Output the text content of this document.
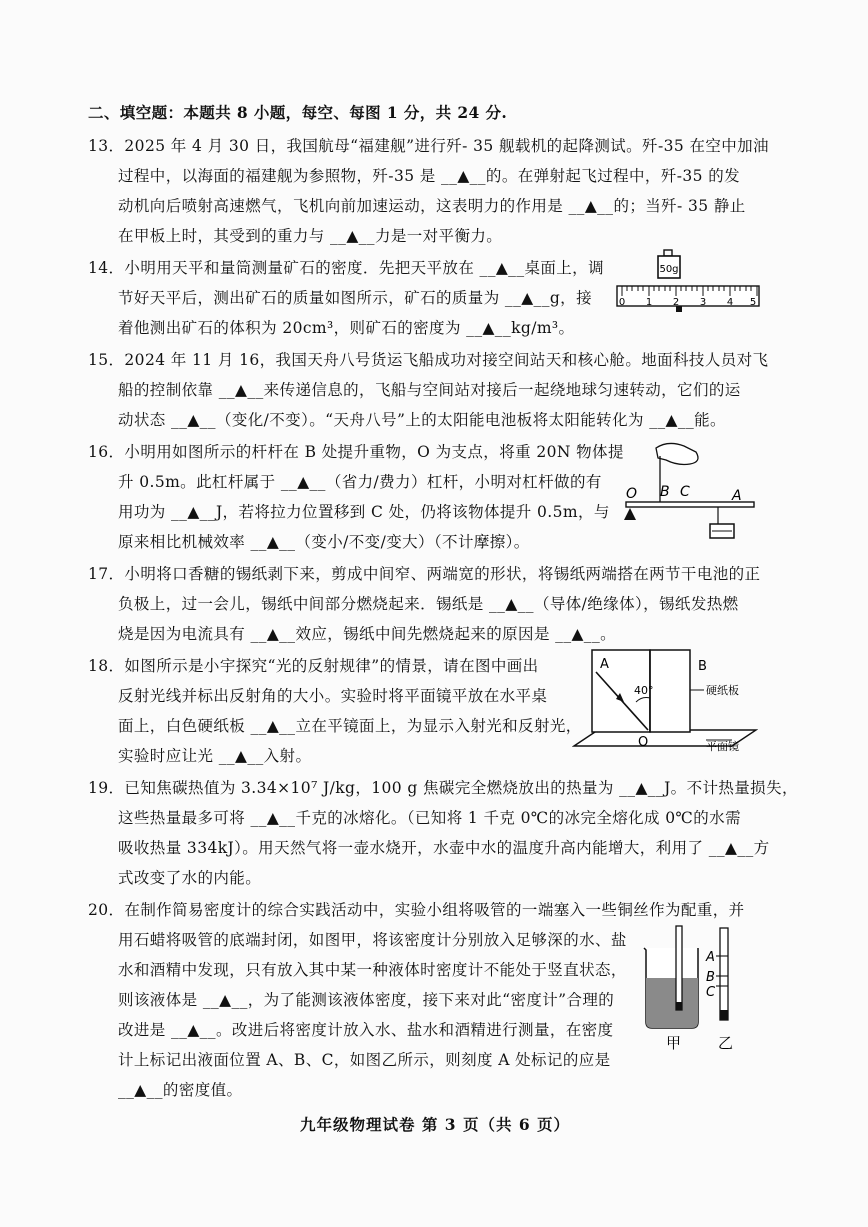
二、填空题：本题共 8 小题，每空、每图 1 分，共 24 分.
13．2025 年 4 月 30 日，我国航母“福建舰”进行歼- 35 舰载机的起降测试。歼-35 在空中加油
过程中，以海面的福建舰为参照物，歼-35 是 __▲__的。在弹射起飞过程中，歼-35 的发
动机向后喷射高速燃气，飞机向前加速运动，这表明力的作用是 __▲__的；当歼- 35 静止
在甲板上时，其受到的重力与 __▲__力是一对平衡力。
14．小明用天平和量筒测量矿石的密度．先把天平放在 __▲__桌面上，调
节好天平后，测出矿石的质量如图所示，矿石的质量为 __▲__g，接
着他测出矿石的体积为 20cm³，则矿石的密度为 __▲__kg/m³。
50g
0 1 2 3 4 5
15．2024 年 11 月 16，我国天舟八号货运飞船成功对接空间站天和核心舱。地面科技人员对飞
船的控制依靠 __▲__来传递信息的，飞船与空间站对接后一起绕地球匀速转动，它们的运
动状态 __▲__（变化/不变）。“天舟八号”上的太阳能电池板将太阳能转化为 __▲__能。
16．小明用如图所示的杆杆在 B 处提升重物，O 为支点，将重 20N 物体提
升 0.5m。此杠杆属于 __▲__（省力/费力）杠杆，小明对杠杆做的有
用功为 __▲__J，若将拉力位置移到 C 处，仍将该物体提升 0.5m，与
原来相比机械效率 __▲__（变小/不变/变大）（不计摩擦）。
O B C	A
17．小明将口香糖的锡纸剥下来，剪成中间窄、两端宽的形状，将锡纸两端搭在两节干电池的正
负极上，过一会儿，锡纸中间部分燃烧起来．锡纸是 __▲__（导体/绝缘体），锡纸发热燃
烧是因为电流具有 __▲__效应，锡纸中间先燃烧起来的原因是 __▲__。
18．如图所示是小宇探究“光的反射规律”的情景，请在图中画出
反射光线并标出反射角的大小。实验时将平面镜平放在水平桌
面上，白色硬纸板 __▲__立在平镜面上，为显示入射光和反射光，
实验时应让光 __▲__入射。
A	B
40°
O
硬纸板
平面镜
19．已知焦碳热值为 3.34×10⁷ J/kg，100 g 焦碳完全燃烧放出的热量为 __▲__J。不计热量损失，
这些热量最多可将 __▲__千克的冰熔化。（已知将 1 千克 0℃的冰完全熔化成 0℃的水需
吸收热量 334kJ）。用天然气将一壶水烧开，水壶中水的温度升高内能增大，利用了 __▲__方
式改变了水的内能。
20．在制作简易密度计的综合实践活动中，实验小组将吸管的一端塞入一些铜丝作为配重，并
用石蜡将吸管的底端封闭，如图甲，将该密度计分别放入足够深的水、盐
水和酒精中发现，只有放入其中某一种液体时密度计不能处于竖直状态，
则该液体是 __▲__，为了能测该液体密度，接下来对此“密度计”合理的
改进是 __▲__。改进后将密度计放入水、盐水和酒精进行测量，在密度
计上标记出液面位置 A、B、C，如图乙所示，则刻度 A 处标记的应是
__▲__的密度值。
A
B
C
甲 乙
九年级物理试卷 第 3 页（共 6 页）
